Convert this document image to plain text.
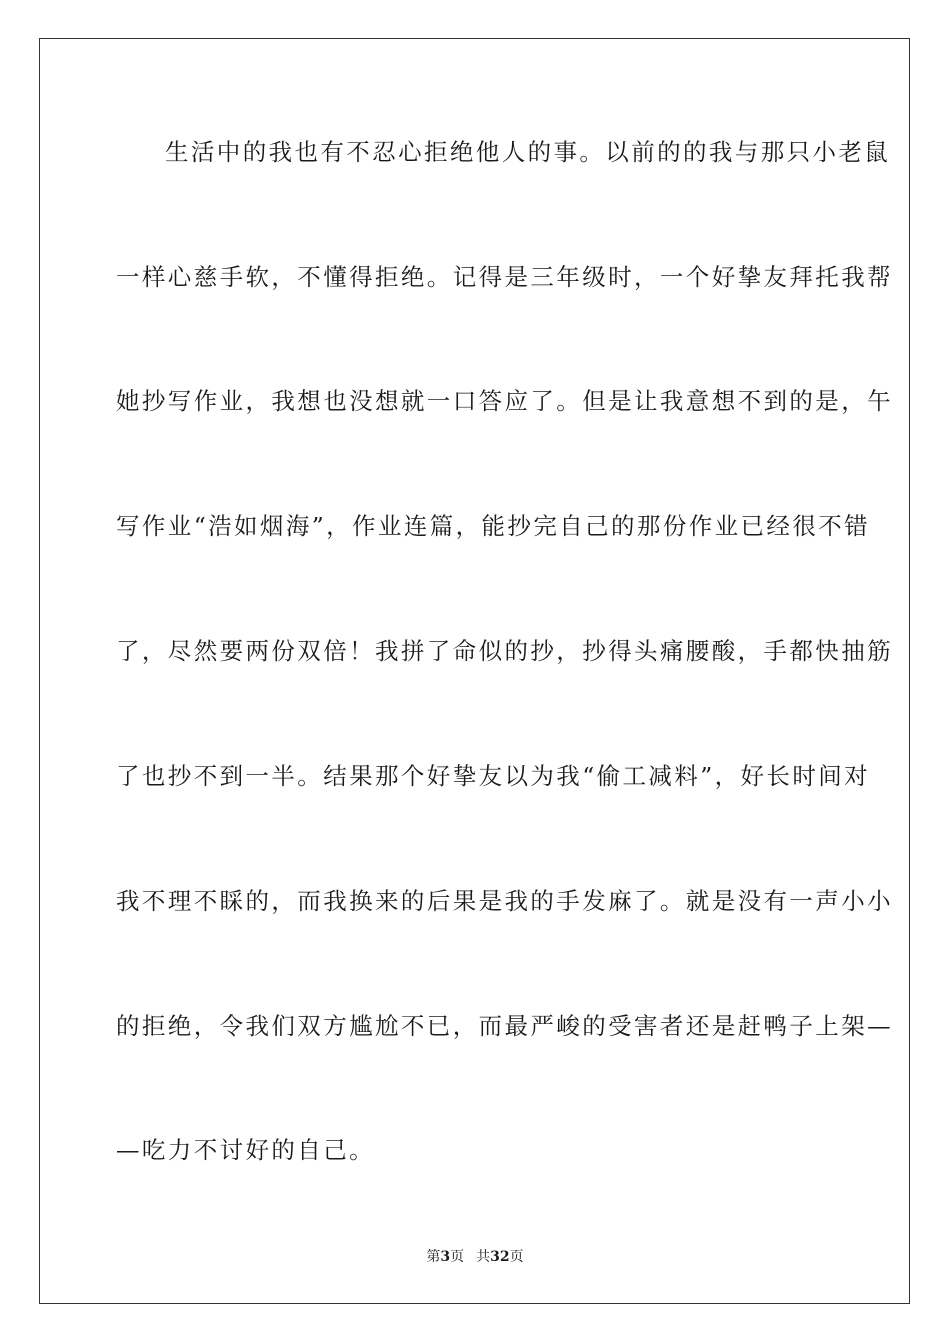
生活中的我也有不忍心拒绝他人的事。以前的的我与那只小老鼠
一样心慈手软，不懂得拒绝。记得是三年级时，一个好挚友拜托我帮
她抄写作业，我想也没想就一口答应了。但是让我意想不到的是，午
写作业“浩如烟海”，作业连篇，能抄完自己的那份作业已经很不错
了，尽然要两份双倍！我拼了命似的抄，抄得头痛腰酸，手都快抽筋
了也抄不到一半。结果那个好挚友以为我“偷工减料”，好长时间对
我不理不睬的，而我换来的后果是我的手发麻了。就是没有一声小小
的拒绝，令我们双方尴尬不已，而最严峻的受害者还是赶鸭子上架—
—吃力不讨好的自己。
第3页 共32页
